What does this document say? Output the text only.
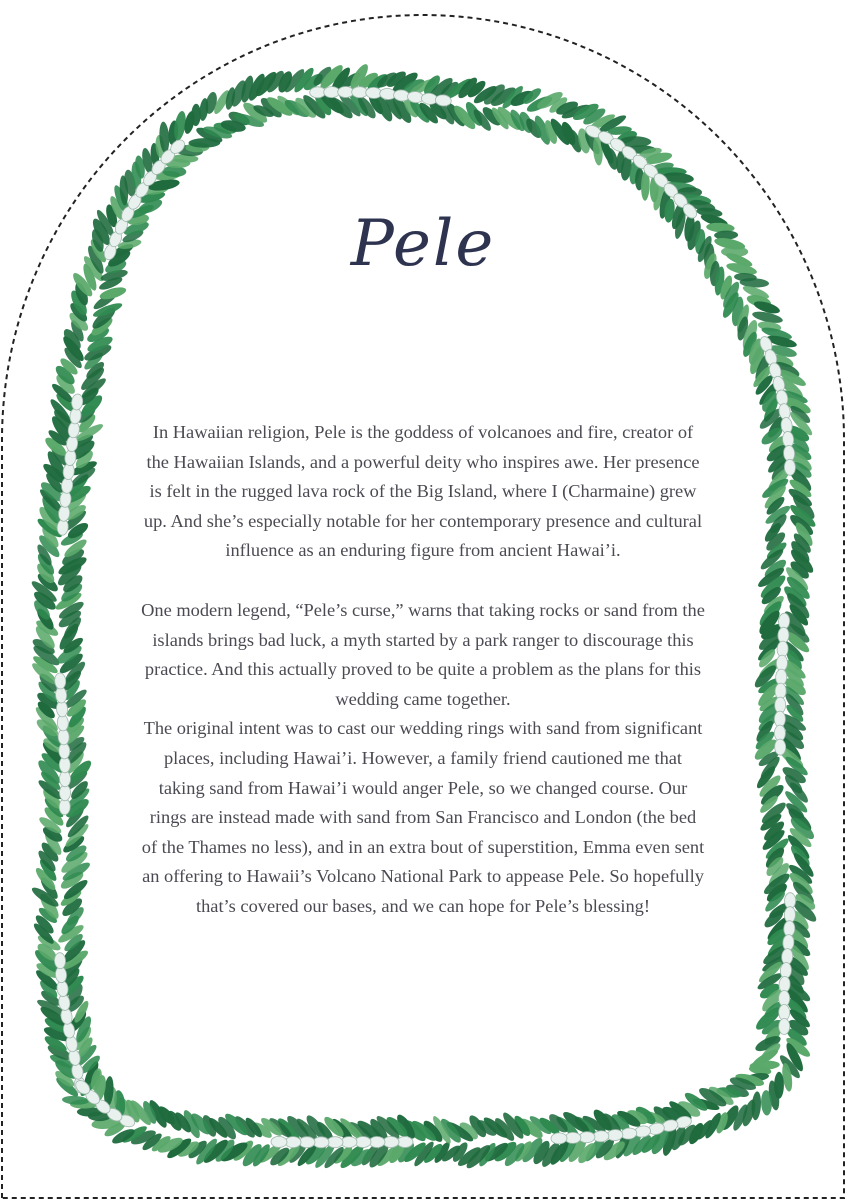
Pele

In Hawaiian religion, Pele is the goddess of volcanoes and fire, creator of the Hawaiian Islands, and a powerful deity who inspires awe. Her presence is felt in the rugged lava rock of the Big Island, where I (Charmaine) grew up. And she’s especially notable for her contemporary presence and cultural influence as an enduring figure from ancient Hawai’i.

One modern legend, “Pele’s curse,” warns that taking rocks or sand from the islands brings bad luck, a myth started by a park ranger to discourage this practice. And this actually proved to be quite a problem as the plans for this wedding came together.

The original intent was to cast our wedding rings with sand from significant places, including Hawai’i. However, a family friend cautioned me that taking sand from Hawai’i would anger Pele, so we changed course. Our rings are instead made with sand from San Francisco and London (the bed of the Thames no less), and in an extra bout of superstition, Emma even sent an offering to Hawaii’s Volcano National Park to appease Pele. So hopefully that’s covered our bases, and we can hope for Pele’s blessing!
